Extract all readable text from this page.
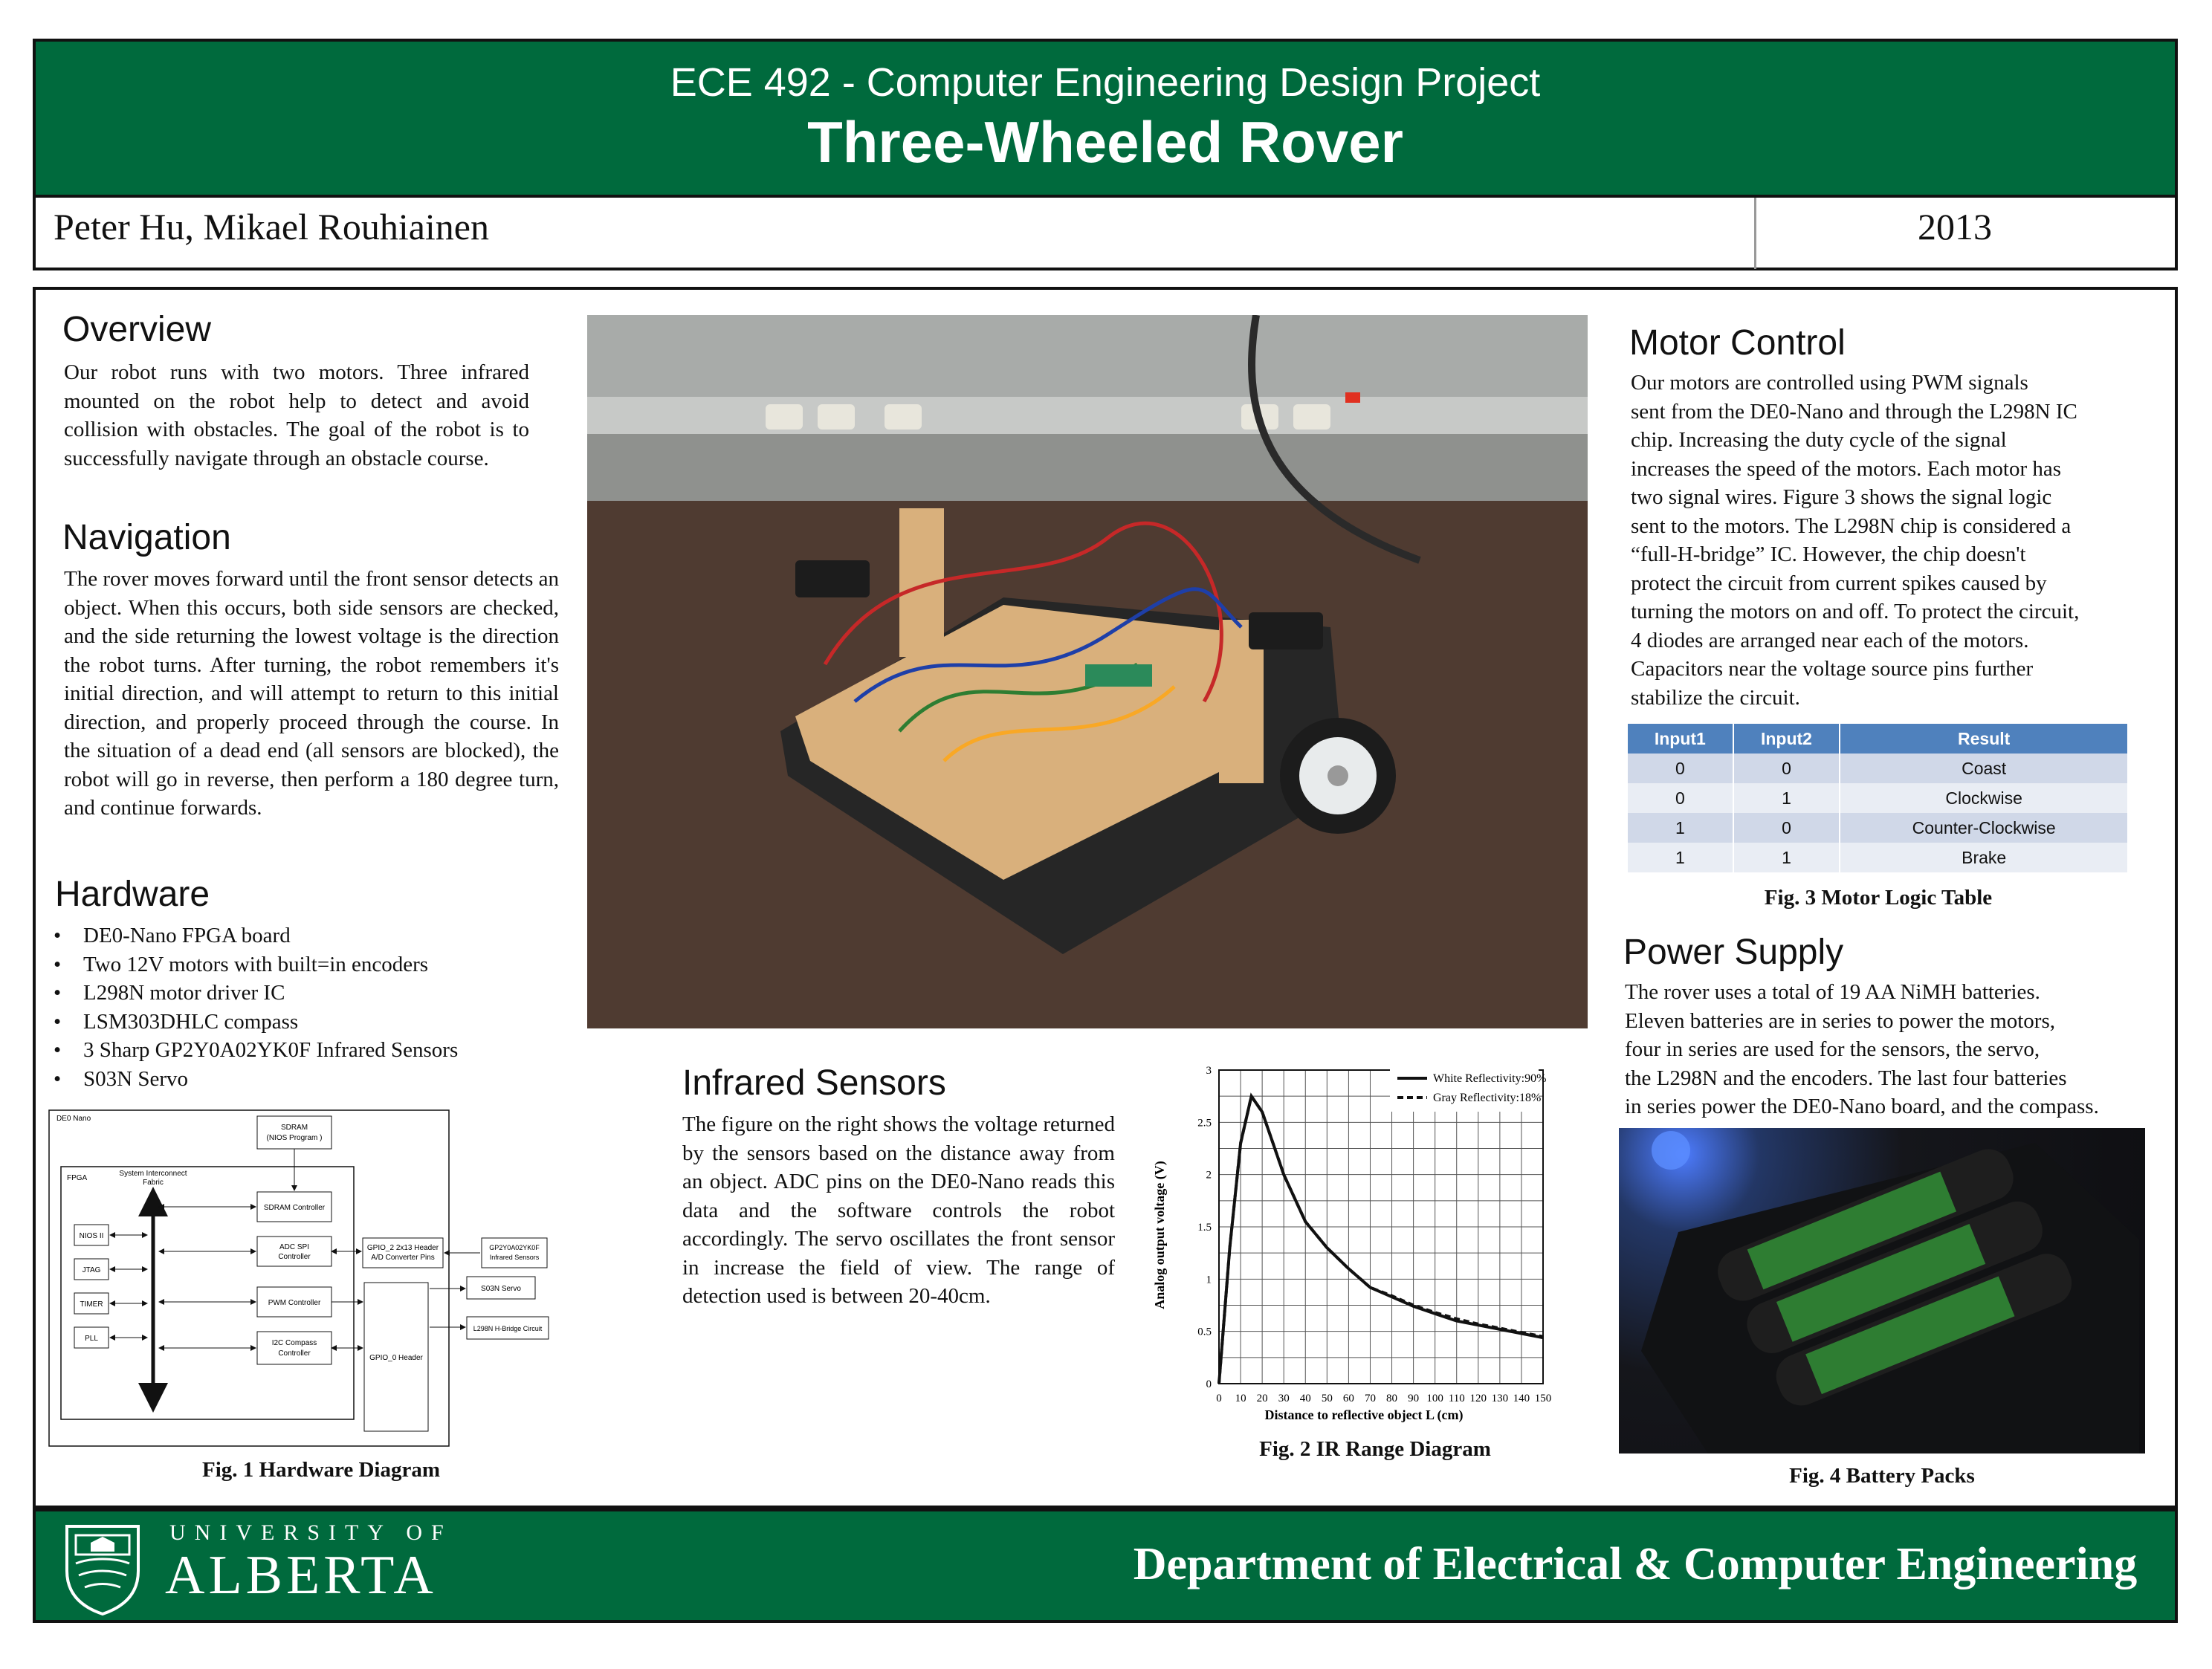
ECE 492 - Computer Engineering Design Project
Three-Wheeled Rover
Peter Hu, Mikael Rouhiainen	2013
Overview
Our robot runs with two motors. Three infrared mounted on the robot help to detect and avoid collision with obstacles. The goal of the robot is to successfully navigate through an obstacle course.
Navigation
The rover moves forward until the front sensor detects an object. When this occurs, both side sensors are checked, and the side returning the lowest voltage is the direction the robot turns. After turning, the robot remembers it's initial direction, and will attempt to return to this initial direction, and properly proceed through the course. In the situation of a dead end (all sensors are blocked), the robot will go in reverse, then perform a 180 degree turn, and continue forwards.
Hardware
• DE0-Nano FPGA board
• Two 12V motors with built=in encoders
• L298N motor driver IC
• LSM303DHLC compass
• 3 Sharp GP2Y0A02YK0F Infrared Sensors
• S03N Servo
DE0 Nano
FPGA
System Interconnect
Fabric
SDRAM
(NIOS Program )
SDRAM Controller
ADC SPI
Controller
PWM Controller
I2C Compass
Controller
NIOS II
JTAG
TIMER
PLL
GPIO_2 2x13 Header
A/D Converter Pins
GPIO_0 Header
GP2Y0A02YK0F
Infrared Sensors
S03N Servo
L298N H-Bridge Circuit
Fig. 1 Hardware Diagram
Infrared Sensors
The figure on the right shows the voltage returned by the sensors based on the distance away from an object. ADC pins on the DE0-Nano reads this data and the software controls the robot accordingly. The servo oscillates the front sensor in increase the field of view. The range of detection used is between 20-40cm.
0 10 20 30 40 50 60 70 80 90 100 110 120 130 140 150
0
0.5
1
1.5
2
2.5
3
White Reflectivity:90%
Gray Reflectivity:18%
Distance to reflective object L (cm)
Analog output voltage (V)
Fig. 2 IR Range Diagram
Motor Control
Our motors are controlled using PWM signals
sent from the DE0-Nano and through the L298N IC
chip. Increasing the duty cycle of the signal
increases the speed of the motors. Each motor has
two signal wires. Figure 3 shows the signal logic
sent to the motors. The L298N chip is considered a
“full-H-bridge” IC. However, the chip doesn't
protect the circuit from current spikes caused by
turning the motors on and off. To protect the circuit,
4 diodes are arranged near each of the motors.
Capacitors near the voltage source pins further
stabilize the circuit.
Input1	Input2	Result
0	0	Coast
0	1	Clockwise
1	0	Counter-Clockwise
1	1	Brake
Fig. 3 Motor Logic Table
Power Supply
The rover uses a total of 19 AA NiMH batteries.
Eleven batteries are in series to power the motors,
four in series are used for the sensors, the servo,
the L298N and the encoders. The last four batteries
in series power the DE0-Nano board, and the compass.
Fig. 4 Battery Packs
UNIVERSITY OF
ALBERTA	Department of Electrical & Computer Engineering
